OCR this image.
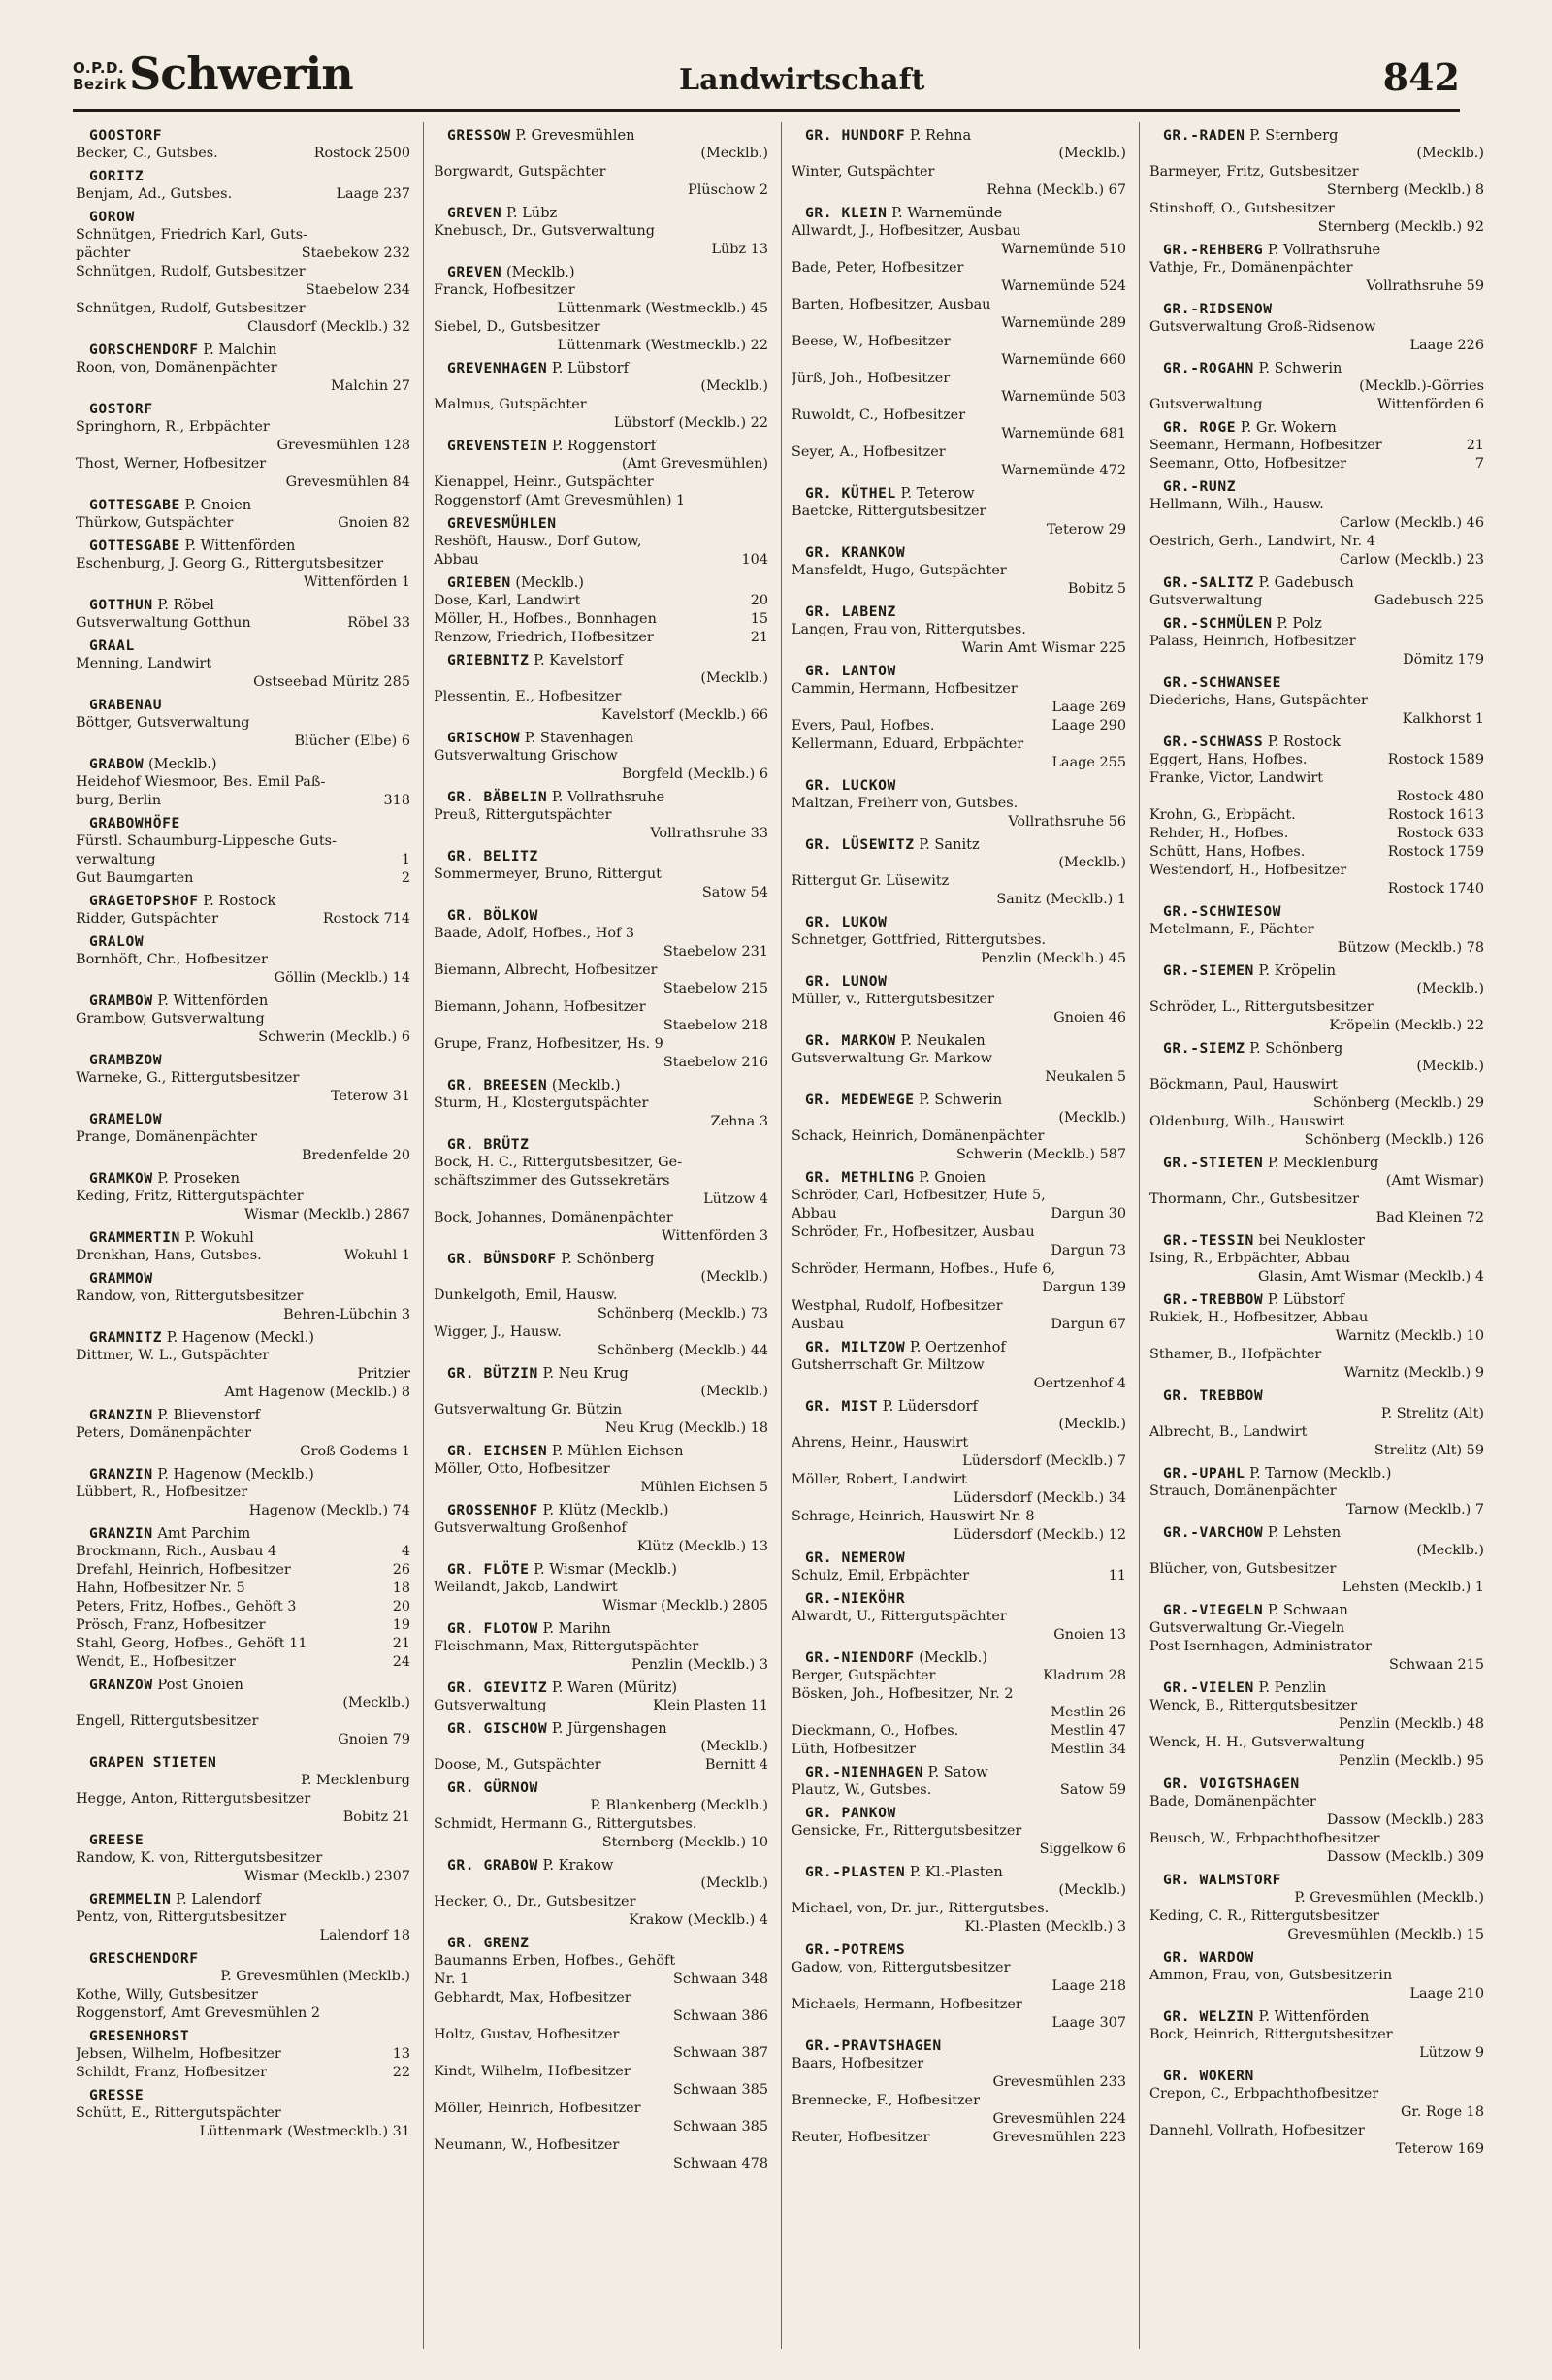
O.P.D.
Bezirk Schwerin	Landwirtschaft	842
GOOSTORF
Becker, C., Gutsbes.	Rostock 2500
GORITZ
Benjam, Ad., Gutsbes.	Laage 237
GOROW
Schnütgen, Friedrich Karl, Guts-
pächter	Staebekow 232
Schnütgen, Rudolf, Gutsbesitzer
Staebelow 234
Schnütgen, Rudolf, Gutsbesitzer
Clausdorf (Mecklb.) 32
GORSCHENDORF P. Malchin
Roon, von, Domänenpächter
Malchin 27
GOSTORF
Springhorn, R., Erbpächter
Grevesmühlen 128
Thost, Werner, Hofbesitzer
Grevesmühlen 84
GOTTESGABE P. Gnoien
Thürkow, Gutspächter	Gnoien 82
GOTTESGABE P. Wittenförden
Eschenburg, J. Georg G., Rittergutsbesitzer
Wittenförden 1
GOTTHUN P. Röbel
Gutsverwaltung Gotthun	Röbel 33
GRAAL
Menning, Landwirt
Ostseebad Müritz 285
GRABENAU
Böttger, Gutsverwaltung
Blücher (Elbe) 6
GRABOW (Mecklb.)
Heidehof Wiesmoor, Bes. Emil Paß-
burg, Berlin	318
GRABOWHÖFE
Fürstl. Schaumburg-Lippesche Guts-
verwaltung	1
Gut Baumgarten	2
GRAGETOPSHOF P. Rostock
Ridder, Gutspächter	Rostock 714
GRALOW
Bornhöft, Chr., Hofbesitzer
Göllin (Mecklb.) 14
GRAMBOW P. Wittenförden
Grambow, Gutsverwaltung
Schwerin (Mecklb.) 6
GRAMBZOW
Warneke, G., Rittergutsbesitzer
Teterow 31
GRAMELOW
Prange, Domänenpächter
Bredenfelde 20
GRAMKOW P. Proseken
Keding, Fritz, Rittergutspächter
Wismar (Mecklb.) 2867
GRAMMERTIN P. Wokuhl
Drenkhan, Hans, Gutsbes.	Wokuhl 1
GRAMMOW
Randow, von, Rittergutsbesitzer
Behren-Lübchin 3
GRAMNITZ P. Hagenow (Meckl.)
Dittmer, W. L., Gutspächter
Pritzier
Amt Hagenow (Mecklb.) 8
GRANZIN P. Blievenstorf
Peters, Domänenpächter
Groß Godems 1
GRANZIN P. Hagenow (Mecklb.)
Lübbert, R., Hofbesitzer
Hagenow (Mecklb.) 74
GRANZIN Amt Parchim
Brockmann, Rich., Ausbau 4	4
Drefahl, Heinrich, Hofbesitzer	26
Hahn, Hofbesitzer Nr. 5	18
Peters, Fritz, Hofbes., Gehöft 3	20
Prösch, Franz, Hofbesitzer	19
Stahl, Georg, Hofbes., Gehöft 11	21
Wendt, E., Hofbesitzer	24
GRANZOW Post Gnoien
(Mecklb.)
Engell, Rittergutsbesitzer
Gnoien 79
GRAPEN STIETEN
P. Mecklenburg
Hegge, Anton, Rittergutsbesitzer
Bobitz 21
GREESE
Randow, K. von, Rittergutsbesitzer
Wismar (Mecklb.) 2307
GREMMELIN P. Lalendorf
Pentz, von, Rittergutsbesitzer
Lalendorf 18
GRESCHENDORF
P. Grevesmühlen (Mecklb.)
Kothe, Willy, Gutsbesitzer
Roggenstorf, Amt Grevesmühlen 2
GRESENHORST
Jebsen, Wilhelm, Hofbesitzer	13
Schildt, Franz, Hofbesitzer	22
GRESSE
Schütt, E., Rittergutspächter
Lüttenmark (Westmecklb.) 31
GRESSOW P. Grevesmühlen
(Mecklb.)
Borgwardt, Gutspächter
Plüschow 2
GREVEN P. Lübz
Knebusch, Dr., Gutsverwaltung
Lübz 13
GREVEN (Mecklb.)
Franck, Hofbesitzer
Lüttenmark (Westmecklb.) 45
Siebel, D., Gutsbesitzer
Lüttenmark (Westmecklb.) 22
GREVENHAGEN P. Lübstorf
(Mecklb.)
Malmus, Gutspächter
Lübstorf (Mecklb.) 22
GREVENSTEIN P. Roggenstorf
(Amt Grevesmühlen)
Kienappel, Heinr., Gutspächter
Roggenstorf (Amt Grevesmühlen) 1
GREVESMÜHLEN
Reshöft, Hausw., Dorf Gutow,
Abbau	104
GRIEBEN (Mecklb.)
Dose, Karl, Landwirt	20
Möller, H., Hofbes., Bonnhagen	15
Renzow, Friedrich, Hofbesitzer	21
GRIEBNITZ P. Kavelstorf
(Mecklb.)
Plessentin, E., Hofbesitzer
Kavelstorf (Mecklb.) 66
GRISCHOW P. Stavenhagen
Gutsverwaltung Grischow
Borgfeld (Mecklb.) 6
GR. BÄBELIN P. Vollrathsruhe
Preuß, Rittergutspächter
Vollrathsruhe 33
GR. BELITZ
Sommermeyer, Bruno, Rittergut
Satow 54
GR. BÖLKOW
Baade, Adolf, Hofbes., Hof 3
Staebelow 231
Biemann, Albrecht, Hofbesitzer
Staebelow 215
Biemann, Johann, Hofbesitzer
Staebelow 218
Grupe, Franz, Hofbesitzer, Hs. 9
Staebelow 216
GR. BREESEN (Mecklb.)
Sturm, H., Klostergutspächter
Zehna 3
GR. BRÜTZ
Bock, H. C., Rittergutsbesitzer, Ge-
schäftszimmer des Gutssekretärs
Lützow 4
Bock, Johannes, Domänenpächter
Wittenförden 3
GR. BÜNSDORF P. Schönberg
(Mecklb.)
Dunkelgoth, Emil, Hausw.
Schönberg (Mecklb.) 73
Wigger, J., Hausw.
Schönberg (Mecklb.) 44
GR. BÜTZIN P. Neu Krug
(Mecklb.)
Gutsverwaltung Gr. Bützin
Neu Krug (Mecklb.) 18
GR. EICHSEN P. Mühlen Eichsen
Möller, Otto, Hofbesitzer
Mühlen Eichsen 5
GROSSENHOF P. Klütz (Mecklb.)
Gutsverwaltung Großenhof
Klütz (Mecklb.) 13
GR. FLÖTE P. Wismar (Mecklb.)
Weilandt, Jakob, Landwirt
Wismar (Mecklb.) 2805
GR. FLOTOW P. Marihn
Fleischmann, Max, Rittergutspächter
Penzlin (Mecklb.) 3
GR. GIEVITZ P. Waren (Müritz)
Gutsverwaltung	Klein Plasten 11
GR. GISCHOW P. Jürgenshagen
(Mecklb.)
Doose, M., Gutspächter	Bernitt 4
GR. GÜRNOW
P. Blankenberg (Mecklb.)
Schmidt, Hermann G., Rittergutsbes.
Sternberg (Mecklb.) 10
GR. GRABOW P. Krakow
(Mecklb.)
Hecker, O., Dr., Gutsbesitzer
Krakow (Mecklb.) 4
GR. GRENZ
Baumanns Erben, Hofbes., Gehöft
Nr. 1	Schwaan 348
Gebhardt, Max, Hofbesitzer
Schwaan 386
Holtz, Gustav, Hofbesitzer
Schwaan 387
Kindt, Wilhelm, Hofbesitzer
Schwaan 385
Möller, Heinrich, Hofbesitzer
Schwaan 385
Neumann, W., Hofbesitzer
Schwaan 478
GR. HUNDORF P. Rehna
(Mecklb.)
Winter, Gutspächter
Rehna (Mecklb.) 67
GR. KLEIN P. Warnemünde
Allwardt, J., Hofbesitzer, Ausbau
Warnemünde 510
Bade, Peter, Hofbesitzer
Warnemünde 524
Barten, Hofbesitzer, Ausbau
Warnemünde 289
Beese, W., Hofbesitzer
Warnemünde 660
Jürß, Joh., Hofbesitzer
Warnemünde 503
Ruwoldt, C., Hofbesitzer
Warnemünde 681
Seyer, A., Hofbesitzer
Warnemünde 472
GR. KÜTHEL P. Teterow
Baetcke, Rittergutsbesitzer
Teterow 29
GR. KRANKOW
Mansfeldt, Hugo, Gutspächter
Bobitz 5
GR. LABENZ
Langen, Frau von, Rittergutsbes.
Warin Amt Wismar 225
GR. LANTOW
Cammin, Hermann, Hofbesitzer
Laage 269
Evers, Paul, Hofbes.	Laage 290
Kellermann, Eduard, Erbpächter
Laage 255
GR. LUCKOW
Maltzan, Freiherr von, Gutsbes.
Vollrathsruhe 56
GR. LÜSEWITZ P. Sanitz
(Mecklb.)
Rittergut Gr. Lüsewitz
Sanitz (Mecklb.) 1
GR. LUKOW
Schnetger, Gottfried, Rittergutsbes.
Penzlin (Mecklb.) 45
GR. LUNOW
Müller, v., Rittergutsbesitzer
Gnoien 46
GR. MARKOW P. Neukalen
Gutsverwaltung Gr. Markow
Neukalen 5
GR. MEDEWEGE P. Schwerin
(Mecklb.)
Schack, Heinrich, Domänenpächter
Schwerin (Mecklb.) 587
GR. METHLING P. Gnoien
Schröder, Carl, Hofbesitzer, Hufe 5,
Abbau	Dargun 30
Schröder, Fr., Hofbesitzer, Ausbau
Dargun 73
Schröder, Hermann, Hofbes., Hufe 6,
Dargun 139
Westphal, Rudolf, Hofbesitzer
Ausbau	Dargun 67
GR. MILTZOW P. Oertzenhof
Gutsherrschaft Gr. Miltzow
Oertzenhof 4
GR. MIST P. Lüdersdorf
(Mecklb.)
Ahrens, Heinr., Hauswirt
Lüdersdorf (Mecklb.) 7
Möller, Robert, Landwirt
Lüdersdorf (Mecklb.) 34
Schrage, Heinrich, Hauswirt Nr. 8
Lüdersdorf (Mecklb.) 12
GR. NEMEROW
Schulz, Emil, Erbpächter	11
GR.-NIEKÖHR
Alwardt, U., Rittergutspächter
Gnoien 13
GR.-NIENDORF (Mecklb.)
Berger, Gutspächter	Kladrum 28
Bösken, Joh., Hofbesitzer, Nr. 2
Mestlin 26
Dieckmann, O., Hofbes.	Mestlin 47
Lüth, Hofbesitzer	Mestlin 34
GR.-NIENHAGEN P. Satow
Plautz, W., Gutsbes.	Satow 59
GR. PANKOW
Gensicke, Fr., Rittergutsbesitzer
Siggelkow 6
GR.-PLASTEN P. Kl.-Plasten
(Mecklb.)
Michael, von, Dr. jur., Rittergutsbes.
Kl.-Plasten (Mecklb.) 3
GR.-POTREMS
Gadow, von, Rittergutsbesitzer
Laage 218
Michaels, Hermann, Hofbesitzer
Laage 307
GR.-PRAVTSHAGEN
Baars, Hofbesitzer
Grevesmühlen 233
Brennecke, F., Hofbesitzer
Grevesmühlen 224
Reuter, Hofbesitzer	Grevesmühlen 223
GR.-RADEN P. Sternberg
(Mecklb.)
Barmeyer, Fritz, Gutsbesitzer
Sternberg (Mecklb.) 8
Stinshoff, O., Gutsbesitzer
Sternberg (Mecklb.) 92
GR.-REHBERG P. Vollrathsruhe
Vathje, Fr., Domänenpächter
Vollrathsruhe 59
GR.-RIDSENOW
Gutsverwaltung Groß-Ridsenow
Laage 226
GR.-ROGAHN P. Schwerin
(Mecklb.)-Görries
Gutsverwaltung	Wittenförden 6
GR. ROGE P. Gr. Wokern
Seemann, Hermann, Hofbesitzer	21
Seemann, Otto, Hofbesitzer	7
GR.-RUNZ
Hellmann, Wilh., Hausw.
Carlow (Mecklb.) 46
Oestrich, Gerh., Landwirt, Nr. 4
Carlow (Mecklb.) 23
GR.-SALITZ P. Gadebusch
Gutsverwaltung	Gadebusch 225
GR.-SCHMÜLEN P. Polz
Palass, Heinrich, Hofbesitzer
Dömitz 179
GR.-SCHWANSEE
Diederichs, Hans, Gutspächter
Kalkhorst 1
GR.-SCHWASS P. Rostock
Eggert, Hans, Hofbes.	Rostock 1589
Franke, Victor, Landwirt
Rostock 480
Krohn, G., Erbpächt.	Rostock 1613
Rehder, H., Hofbes.	Rostock 633
Schütt, Hans, Hofbes.	Rostock 1759
Westendorf, H., Hofbesitzer
Rostock 1740
GR.-SCHWIESOW
Metelmann, F., Pächter
Bützow (Mecklb.) 78
GR.-SIEMEN P. Kröpelin
(Mecklb.)
Schröder, L., Rittergutsbesitzer
Kröpelin (Mecklb.) 22
GR.-SIEMZ P. Schönberg
(Mecklb.)
Böckmann, Paul, Hauswirt
Schönberg (Mecklb.) 29
Oldenburg, Wilh., Hauswirt
Schönberg (Mecklb.) 126
GR.-STIETEN P. Mecklenburg
(Amt Wismar)
Thormann, Chr., Gutsbesitzer
Bad Kleinen 72
GR.-TESSIN bei Neukloster
Ising, R., Erbpächter, Abbau
Glasin, Amt Wismar (Mecklb.) 4
GR.-TREBBOW P. Lübstorf
Rukiek, H., Hofbesitzer, Abbau
Warnitz (Mecklb.) 10
Sthamer, B., Hofpächter
Warnitz (Mecklb.) 9
GR. TREBBOW
P. Strelitz (Alt)
Albrecht, B., Landwirt
Strelitz (Alt) 59
GR.-UPAHL P. Tarnow (Mecklb.)
Strauch, Domänenpächter
Tarnow (Mecklb.) 7
GR.-VARCHOW P. Lehsten
(Mecklb.)
Blücher, von, Gutsbesitzer
Lehsten (Mecklb.) 1
GR.-VIEGELN P. Schwaan
Gutsverwaltung Gr.-Viegeln
Post Isernhagen, Administrator
Schwaan 215
GR.-VIELEN P. Penzlin
Wenck, B., Rittergutsbesitzer
Penzlin (Mecklb.) 48
Wenck, H. H., Gutsverwaltung
Penzlin (Mecklb.) 95
GR. VOIGTSHAGEN
Bade, Domänenpächter
Dassow (Mecklb.) 283
Beusch, W., Erbpachthofbesitzer
Dassow (Mecklb.) 309
GR. WALMSTORF
P. Grevesmühlen (Mecklb.)
Keding, C. R., Rittergutsbesitzer
Grevesmühlen (Mecklb.) 15
GR. WARDOW
Ammon, Frau, von, Gutsbesitzerin
Laage 210
GR. WELZIN P. Wittenförden
Bock, Heinrich, Rittergutsbesitzer
Lützow 9
GR. WOKERN
Crepon, C., Erbpachthofbesitzer
Gr. Roge 18
Dannehl, Vollrath, Hofbesitzer
Teterow 169
